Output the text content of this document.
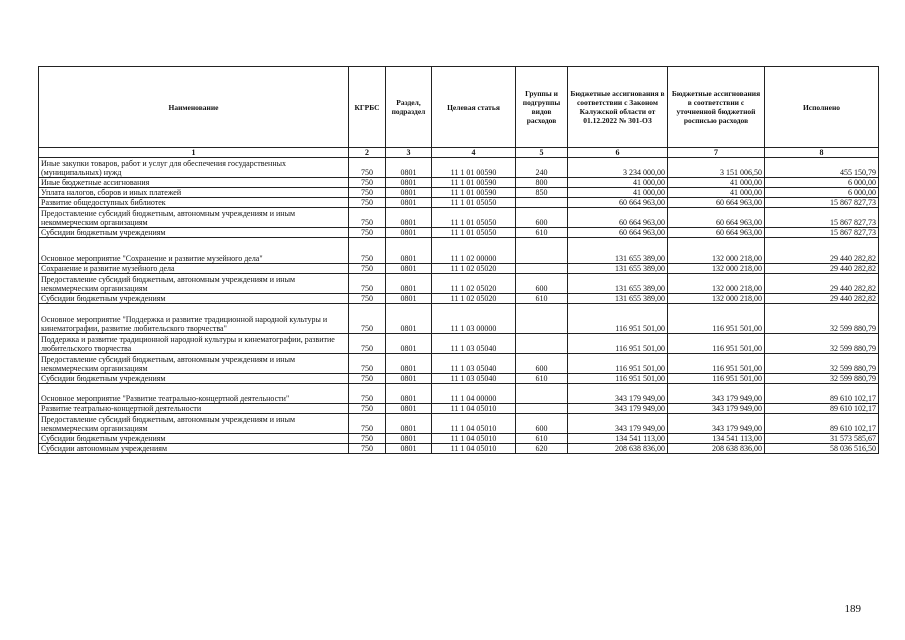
Наименование	КГРБС	Раздел, подраздел	Целевая статья	Группы и подгруппы видов расходов	Бюджетные ассигнования в соответствии с Законом Калужской области от 01.12.2022 № 301-ОЗ	Бюджетные ассигнования в соответствии с уточненной бюджетной росписью расходов	Исполнено
1	2	3	4	5	6	7	8
Иные закупки товаров, работ и услуг для обеспечения государственных (муниципальных) нужд	750	0801	11 1 01 00590	240	3 234 000,00	3 151 006,50	455 150,79
Иные бюджетные ассигнования	750	0801	11 1 01 00590	800	41 000,00	41 000,00	6 000,00
Уплата налогов, сборов и иных платежей	750	0801	11 1 01 00590	850	41 000,00	41 000,00	6 000,00
Развитие общедоступных библиотек	750	0801	11 1 01 05050		60 664 963,00	60 664 963,00	15 867 827,73
Предоставление субсидий бюджетным, автономным учреждениям и иным некоммерческим организациям	750	0801	11 1 01 05050	600	60 664 963,00	60 664 963,00	15 867 827,73
Субсидии бюджетным учреждениям	750	0801	11 1 01 05050	610	60 664 963,00	60 664 963,00	15 867 827,73
Основное мероприятие "Сохранение и развитие музейного дела"	750	0801	11 1 02 00000		131 655 389,00	132 000 218,00	29 440 282,82
Сохранение и развитие музейного дела	750	0801	11 1 02 05020		131 655 389,00	132 000 218,00	29 440 282,82
Предоставление субсидий бюджетным, автономным учреждениям и иным некоммерческим организациям	750	0801	11 1 02 05020	600	131 655 389,00	132 000 218,00	29 440 282,82
Субсидии бюджетным учреждениям	750	0801	11 1 02 05020	610	131 655 389,00	132 000 218,00	29 440 282,82
Основное мероприятие "Поддержка и развитие традиционной народной культуры и кинематографии, развитие любительского творчества"	750	0801	11 1 03 00000		116 951 501,00	116 951 501,00	32 599 880,79
Поддержка и развитие традиционной народной культуры и кинематографии, развитие любительского творчества	750	0801	11 1 03 05040		116 951 501,00	116 951 501,00	32 599 880,79
Предоставление субсидий бюджетным, автономным учреждениям и иным некоммерческим организациям	750	0801	11 1 03 05040	600	116 951 501,00	116 951 501,00	32 599 880,79
Субсидии бюджетным учреждениям	750	0801	11 1 03 05040	610	116 951 501,00	116 951 501,00	32 599 880,79
Основное мероприятие "Развитие театрально-концертной деятельности"	750	0801	11 1 04 00000		343 179 949,00	343 179 949,00	89 610 102,17
Развитие театрально-концертной деятельности	750	0801	11 1 04 05010		343 179 949,00	343 179 949,00	89 610 102,17
Предоставление субсидий бюджетным, автономным учреждениям и иным некоммерческим организациям	750	0801	11 1 04 05010	600	343 179 949,00	343 179 949,00	89 610 102,17
Субсидии бюджетным учреждениям	750	0801	11 1 04 05010	610	134 541 113,00	134 541 113,00	31 573 585,67
Субсидии автономным учреждениям	750	0801	11 1 04 05010	620	208 638 836,00	208 638 836,00	58 036 516,50
189
